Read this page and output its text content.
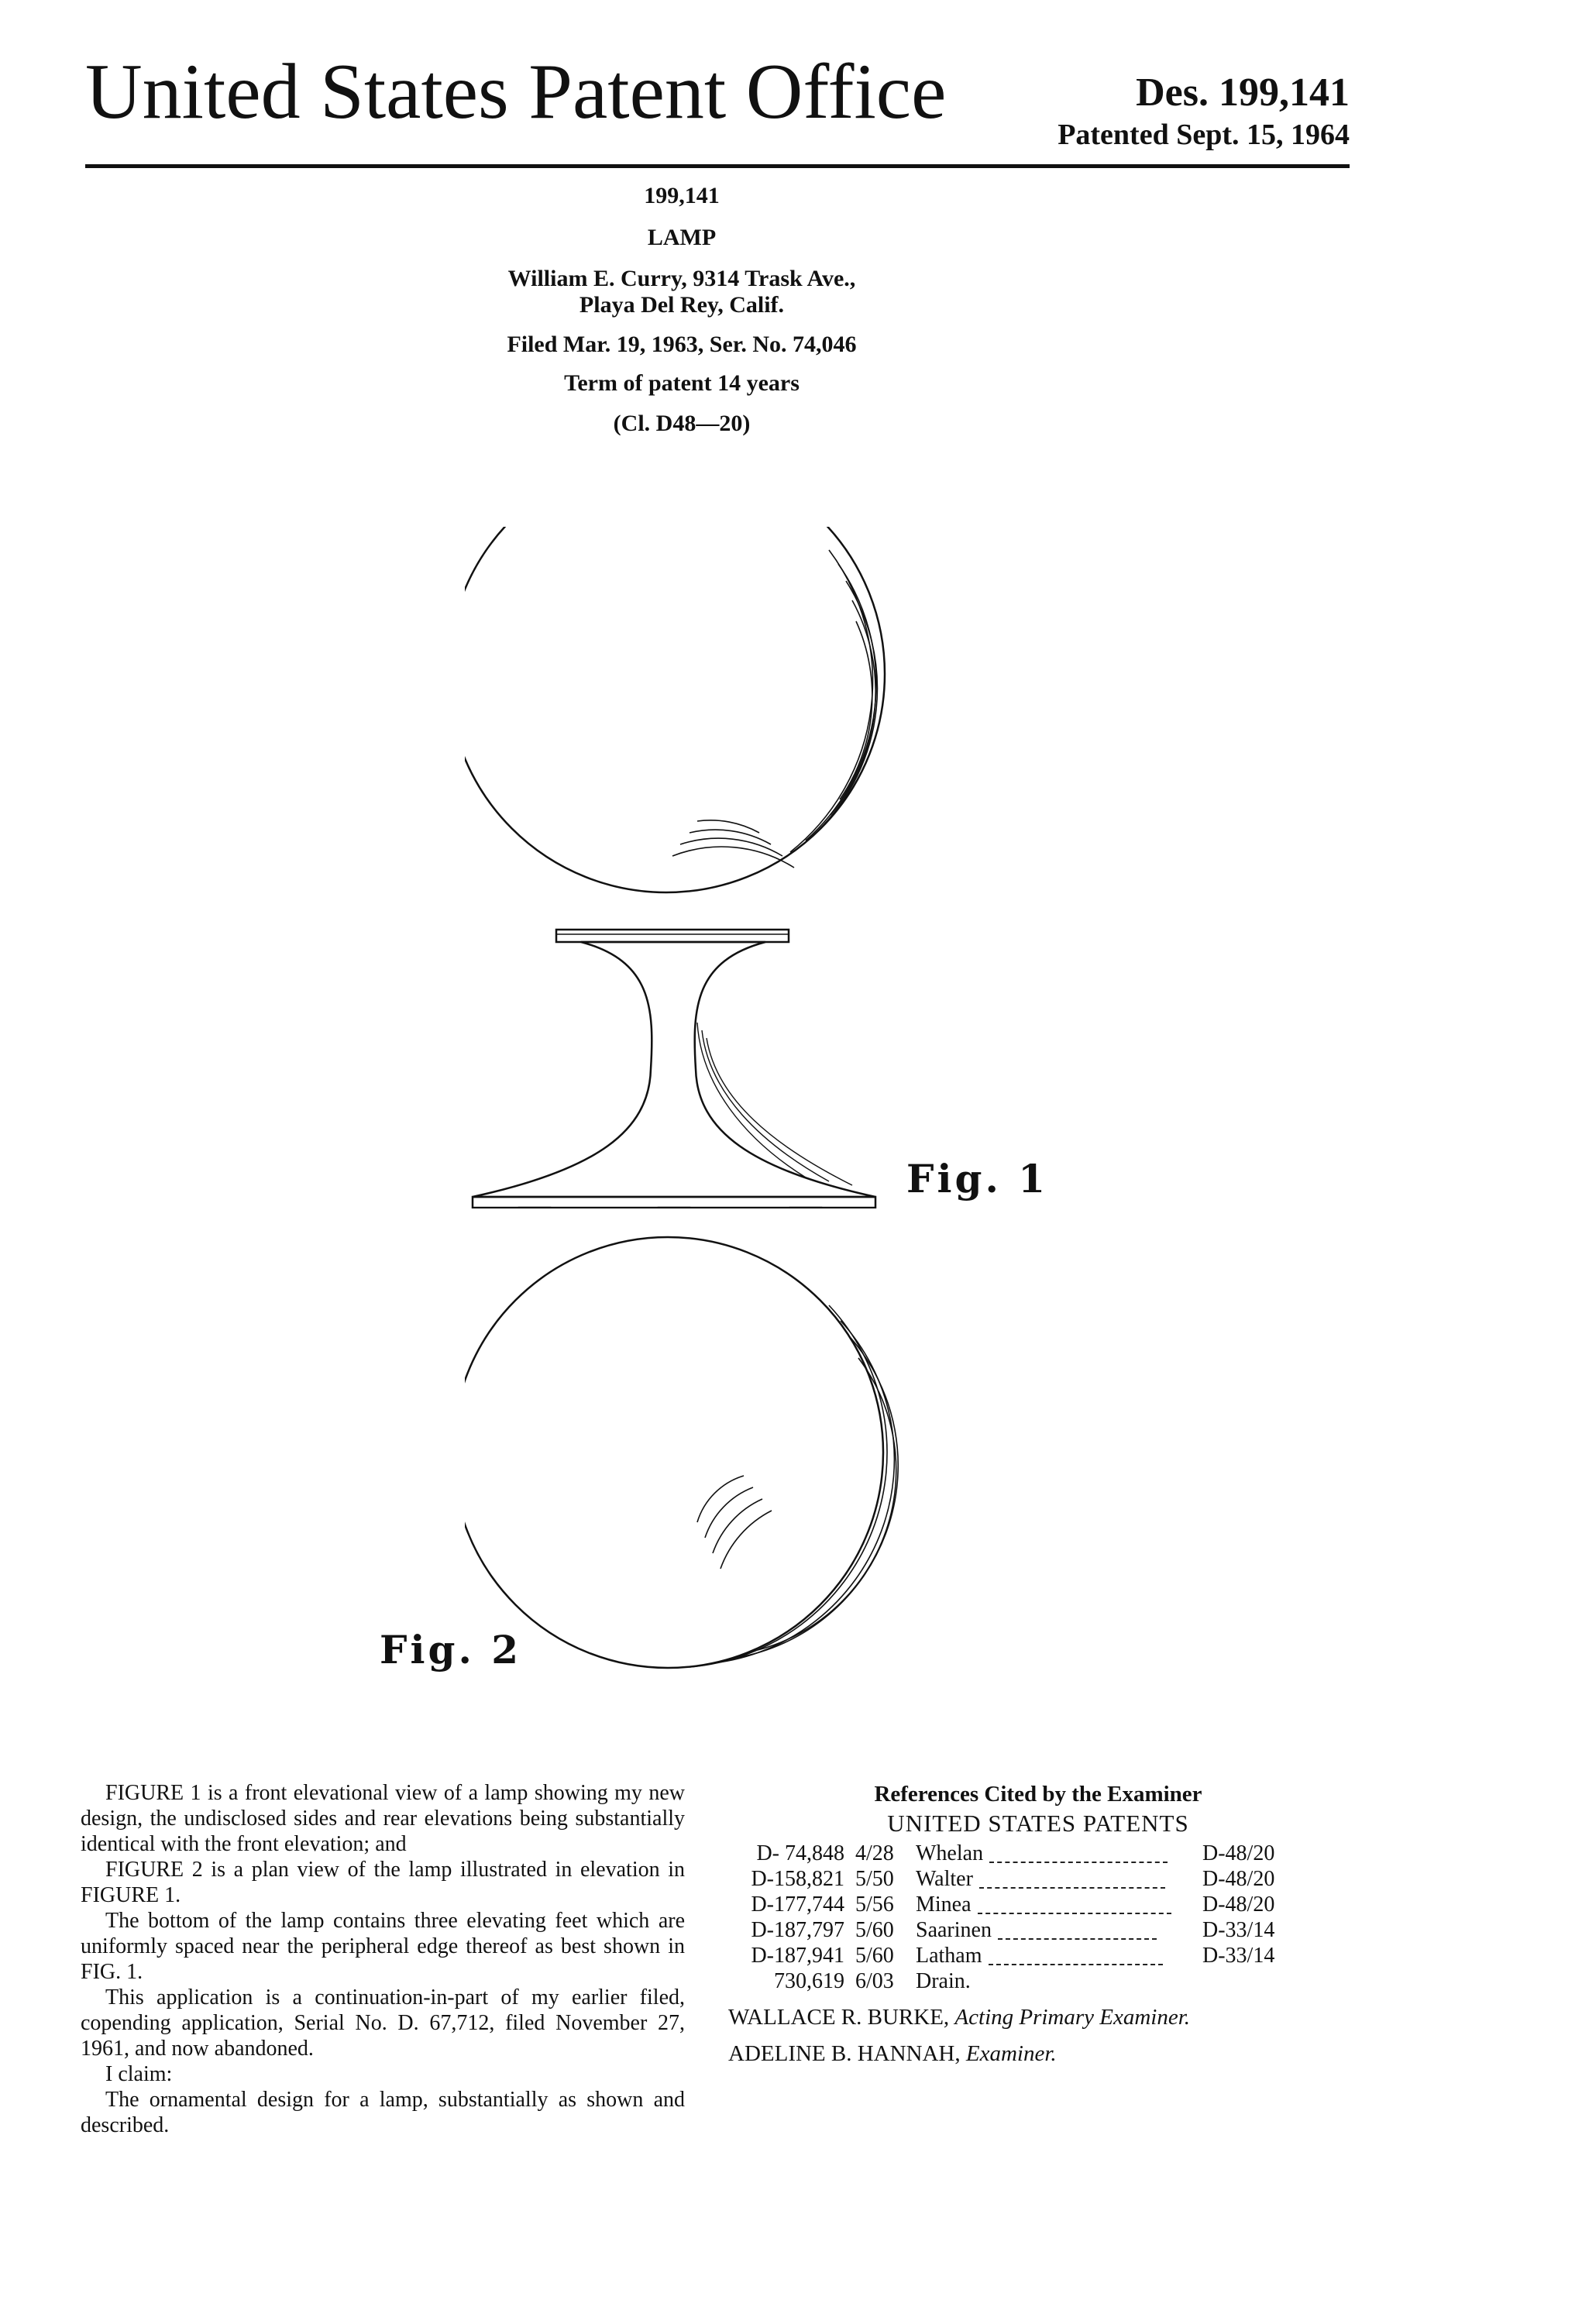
United States Patent Office	Des. 199,141
Patented Sept. 15, 1964
199,141
LAMP
William E. Curry, 9314 Trask Ave.,
Playa Del Rey, Calif.
Filed Mar. 19, 1963, Ser. No. 74,046
Term of patent 14 years
(Cl. D48—20)
Fig. 1
Fig. 2

FIGURE 1 is a front elevational view of a lamp showing my new design, the undisclosed sides and rear elevations being substantially identical with the front elevation; and

FIGURE 2 is a plan view of the lamp illustrated in elevation in FIGURE 1.

The bottom of the lamp contains three elevating feet which are uniformly spaced near the peripheral edge thereof as best shown in FIG. 1.

This application is a continuation-in-part of my earlier filed, copending application, Serial No. D. 67,712, filed November 27, 1961, and now abandoned.

I claim:

The ornamental design for a lamp, substantially as shown and described.

References Cited by the Examiner
UNITED STATES PATENTS
D- 74,848	4/28	Whelan	D-48/20
D-158,821	5/50	Walter	D-48/20
D-177,744	5/56	Minea	D-48/20
D-187,797	5/60	Saarinen	D-33/14
D-187,941	5/60	Latham	D-33/14
730,619	6/03	Drain.	
WALLACE R. BURKE, Acting Primary Examiner.
ADELINE B. HANNAH, Examiner.
